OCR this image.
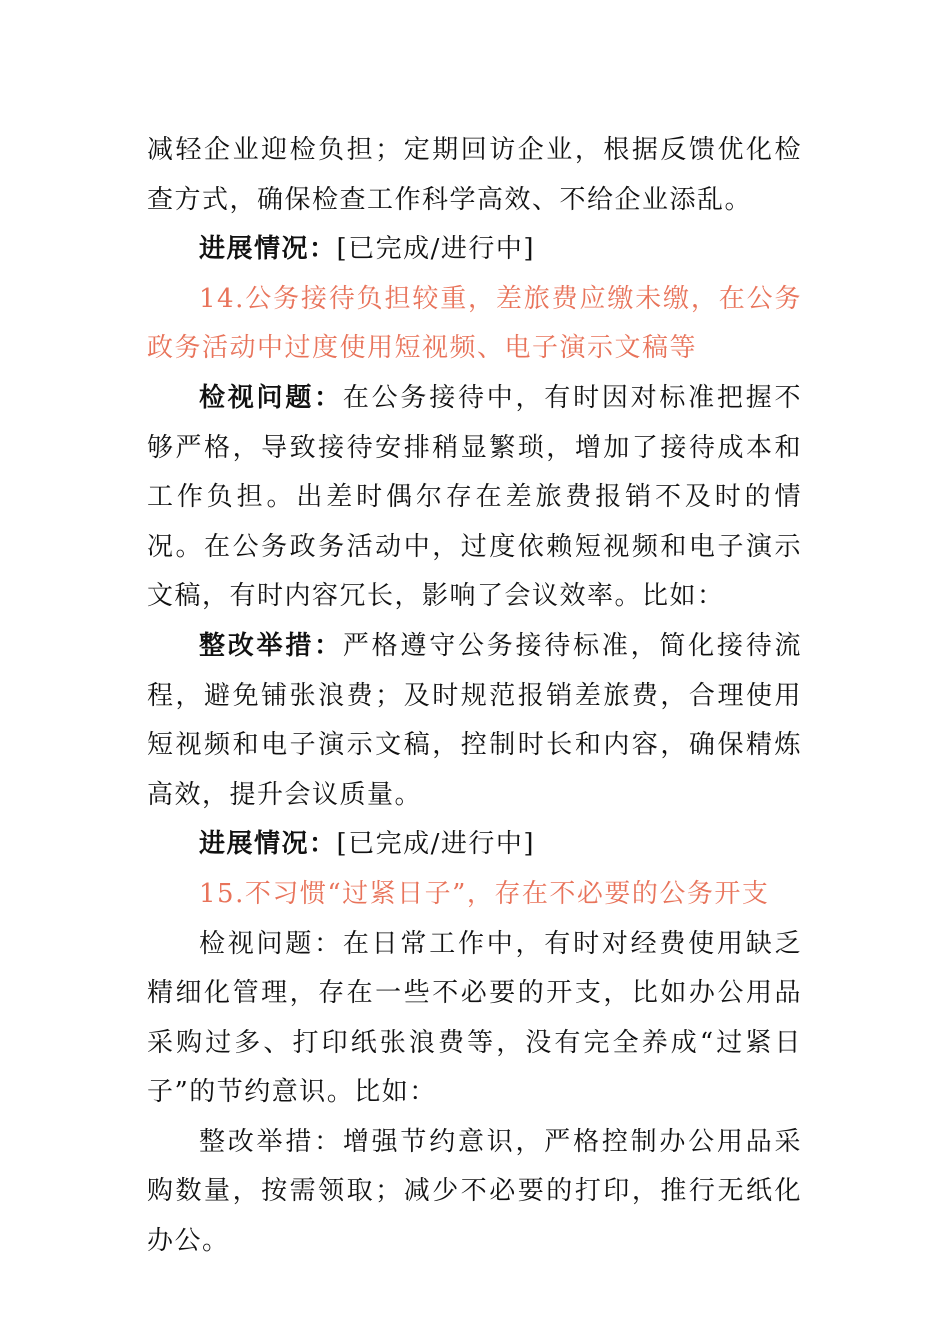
减轻企业迎检负担；定期回访企业，根据反馈优化检查方式，确保检查工作科学高效、不给企业添乱。

进展情况：[已完成/进行中]

14.公务接待负担较重，差旅费应缴未缴，在公务政务活动中过度使用短视频、电子演示文稿等

检视问题：在公务接待中，有时因对标准把握不够严格，导致接待安排稍显繁琐，增加了接待成本和工作负担。出差时偶尔存在差旅费报销不及时的情况。在公务政务活动中，过度依赖短视频和电子演示文稿，有时内容冗长，影响了会议效率。比如：

整改举措：严格遵守公务接待标准，简化接待流程，避免铺张浪费；及时规范报销差旅费，合理使用短视频和电子演示文稿，控制时长和内容，确保精炼高效，提升会议质量。

进展情况：[已完成/进行中]

15.不习惯“过紧日子”，存在不必要的公务开支

检视问题：在日常工作中，有时对经费使用缺乏精细化管理，存在一些不必要的开支，比如办公用品采购过多、打印纸张浪费等，没有完全养成“过紧日子”的节约意识。比如：

整改举措：增强节约意识，严格控制办公用品采购数量，按需领取；减少不必要的打印，推行无纸化办公。
